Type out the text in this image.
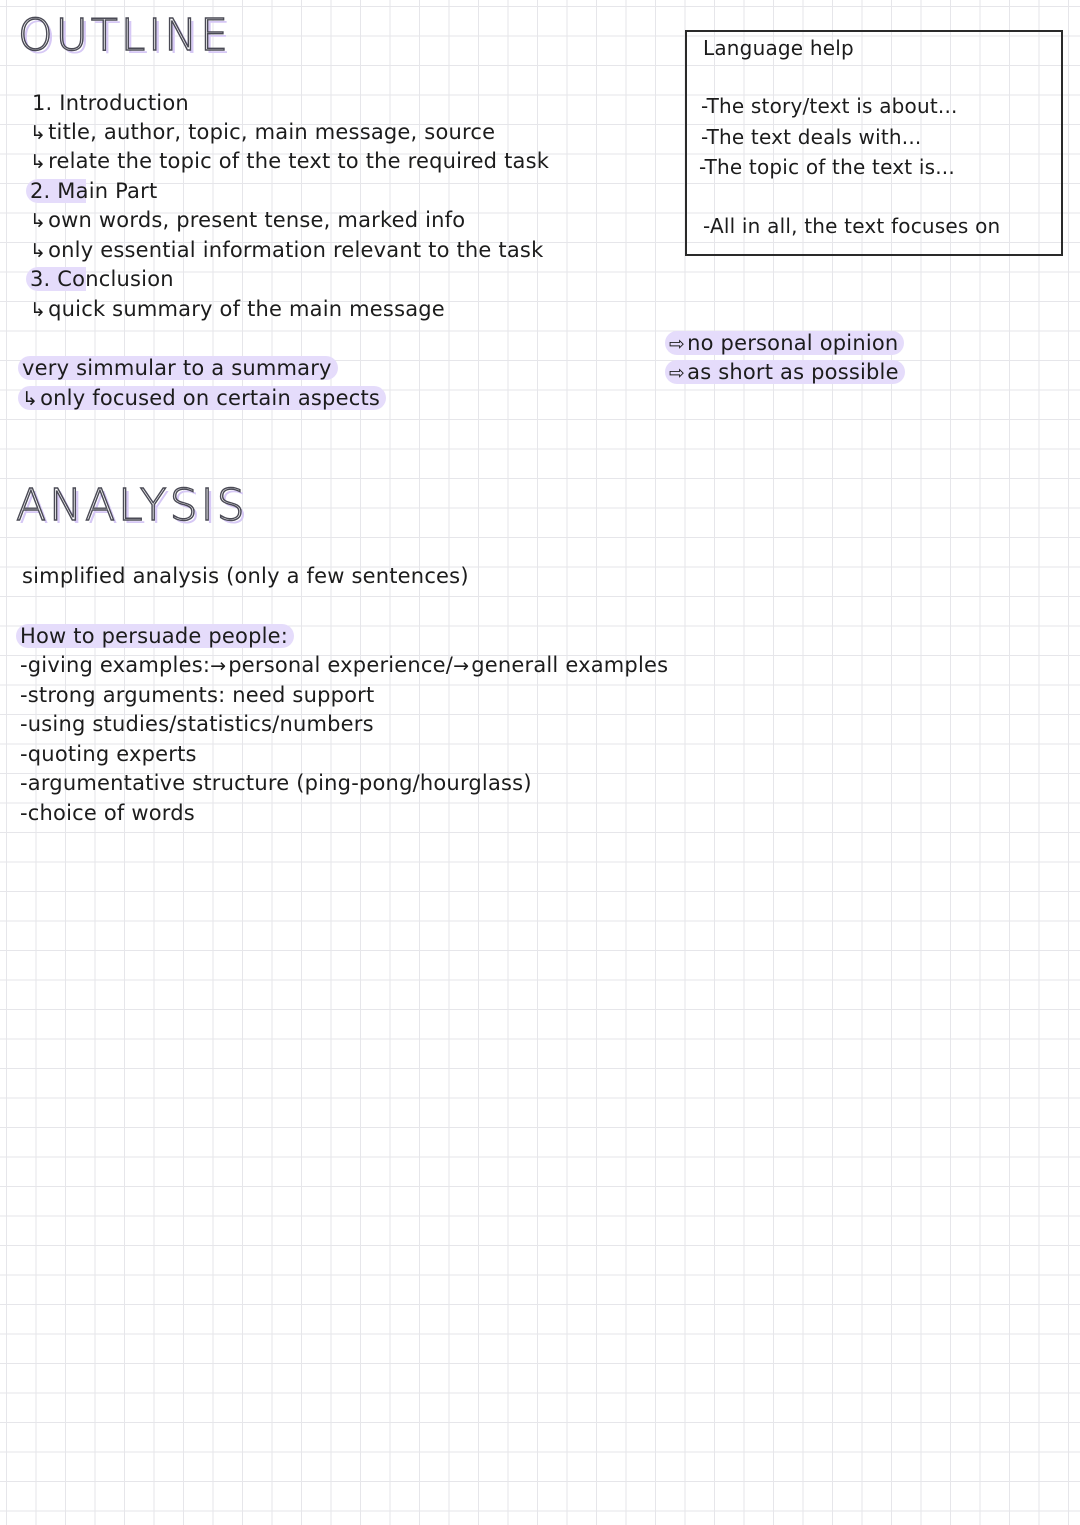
OUTLINE
1. Introduction
↳title, author, topic, main message, source
↳relate the topic of the text to the required task
2. Main Part
↳own words, present tense, marked info
↳only essential information relevant to the task
3. Conclusion
↳quick summary of the main message
very simmular to a summary
↳only focused on certain aspects
Language help
-The story/text is about...
-The text deals with...
-The topic of the text is...
-All in all, the text focuses on
⇨no personal opinion
⇨as short as possible
ANALYSIS
simplified analysis (only a few sentences)
How to persuade people:
-giving examples:→personal experience/→generall examples
-strong arguments: need support
-using studies/statistics/numbers
-quoting experts
-argumentative structure (ping-pong/hourglass)
-choice of words
